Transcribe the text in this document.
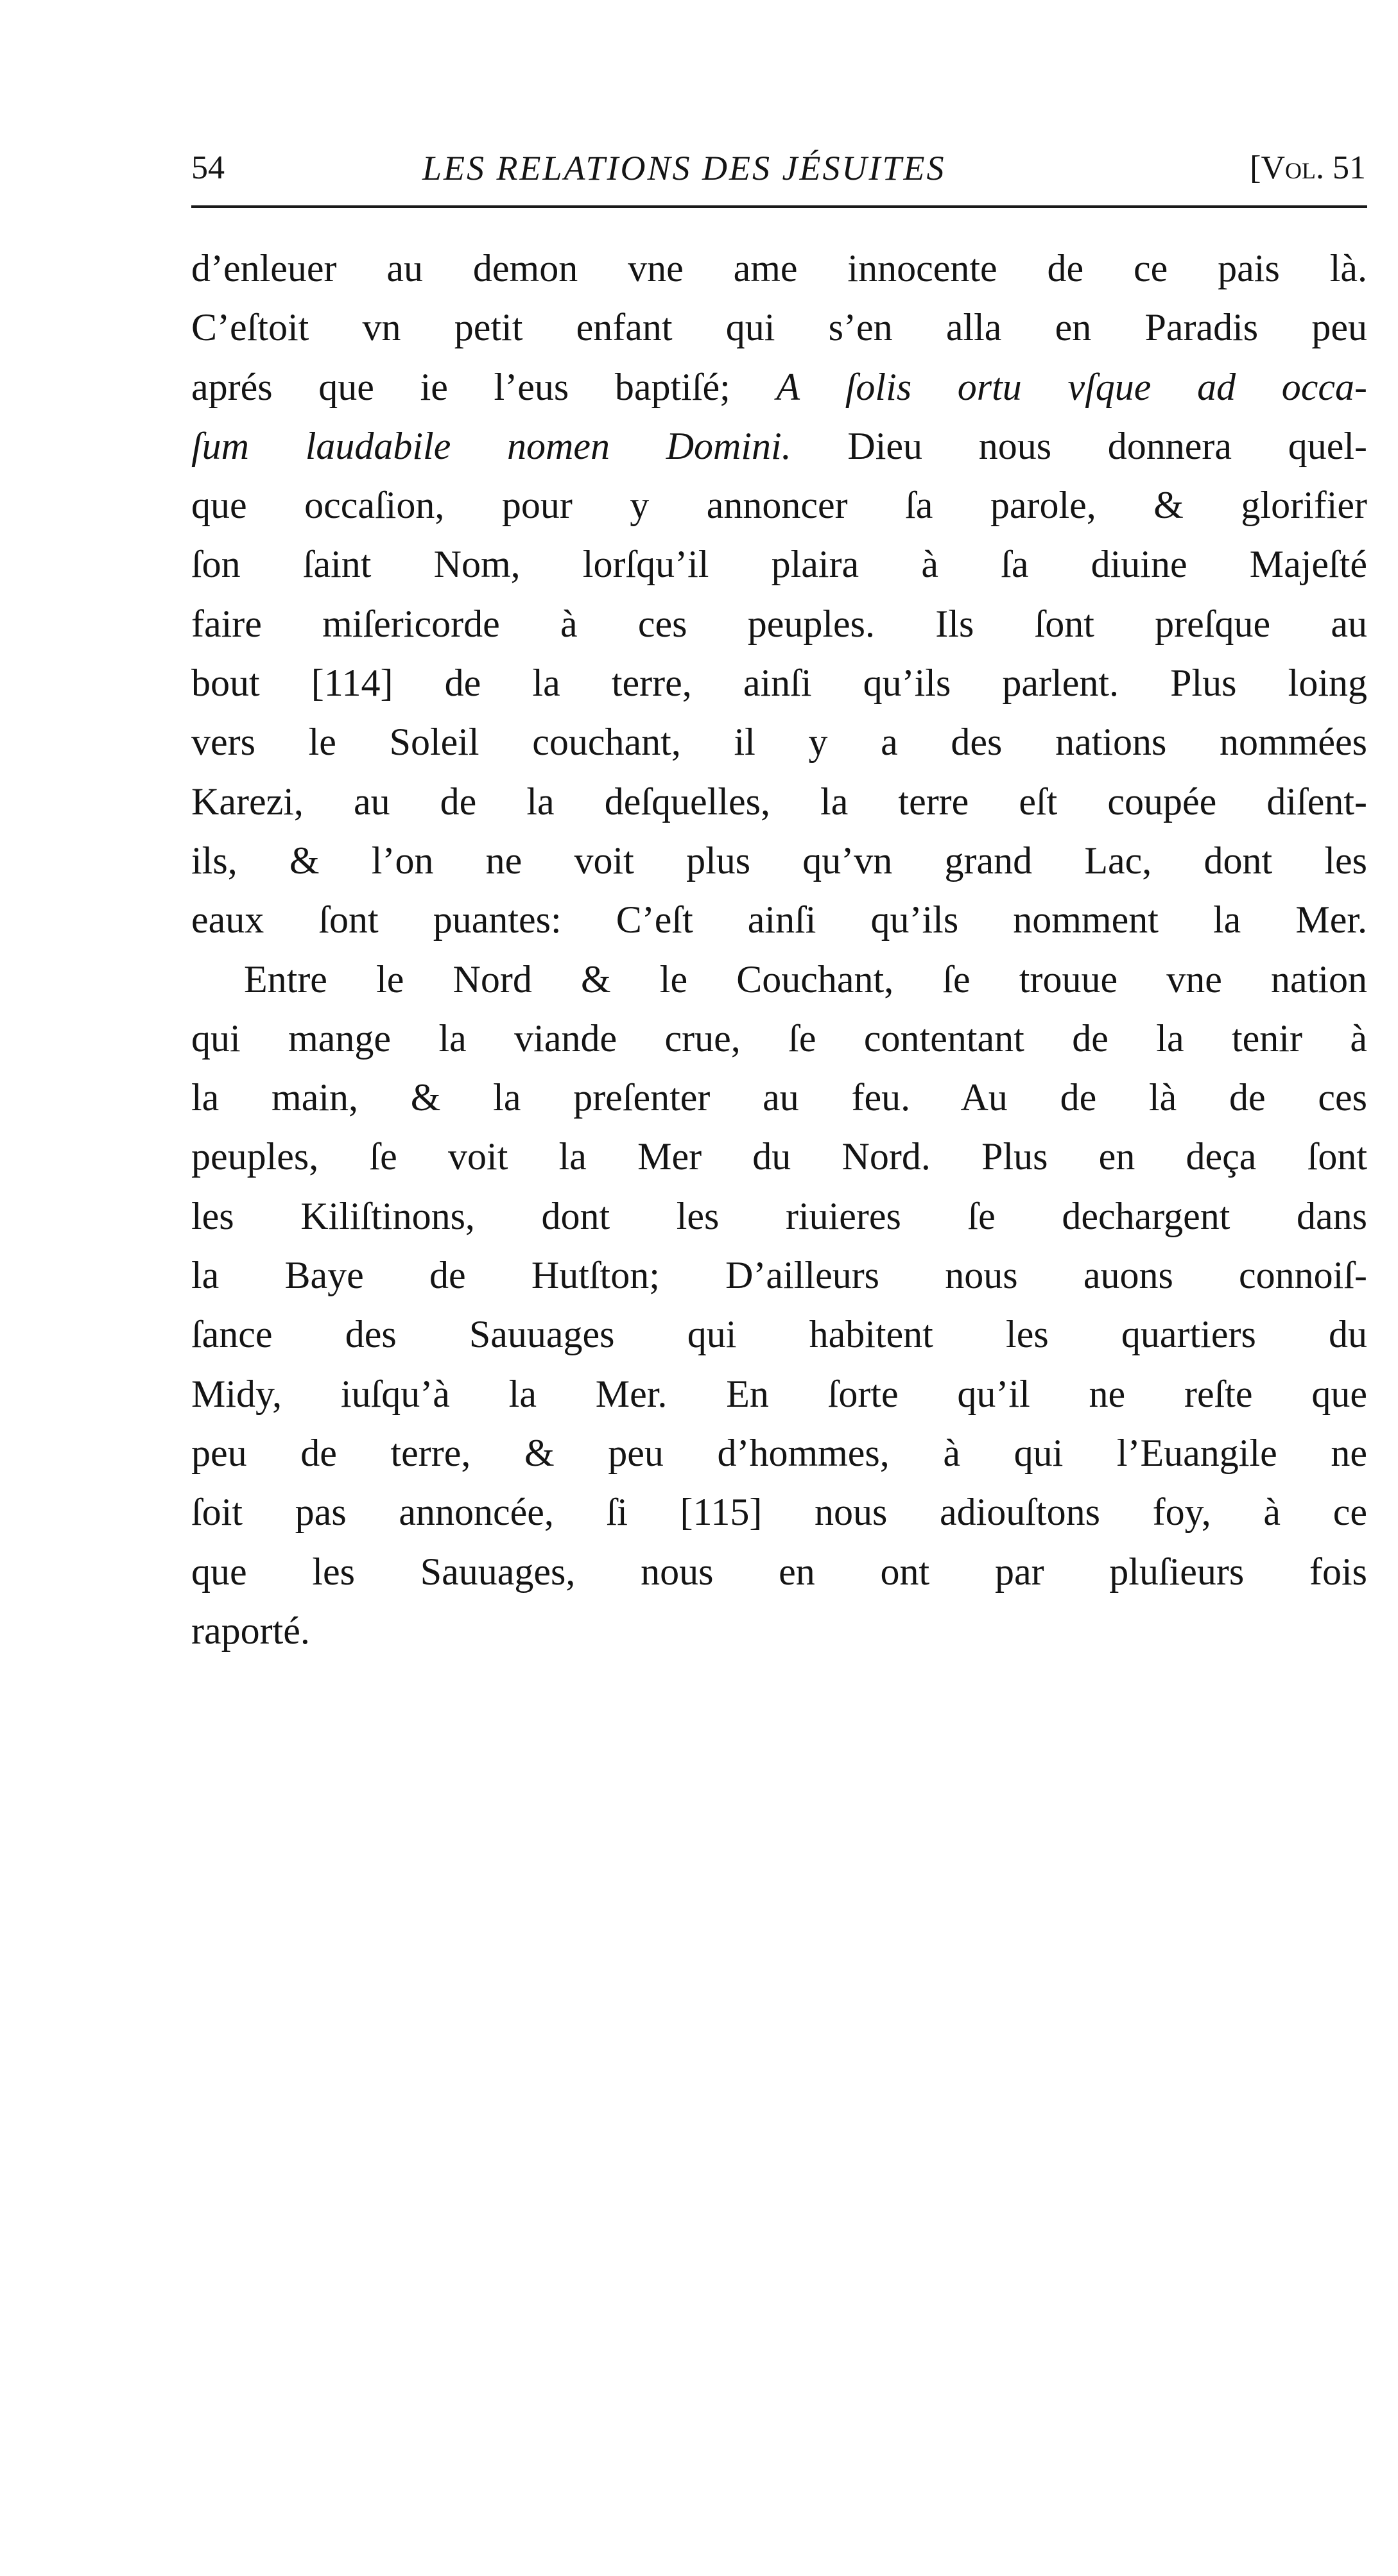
54	LES RELATIONS DES JÉSUITES	[Vol. 51
d’enleuer au demon vne ame innocente de ce pais là.
C’eſtoit vn petit enfant qui s’en alla en Paradis peu
aprés que ie l’eus baptiſé; A ſolis ortu vſque ad occa-
ſum laudabile nomen Domini. Dieu nous donnera quel-
que occaſion, pour y annoncer ſa parole, & glorifier
ſon ſaint Nom, lorſqu’il plaira à ſa diuine Majeſté
faire miſericorde à ces peuples. Ils ſont preſque au
bout [114] de la terre, ainſi qu’ils parlent. Plus loing
vers le Soleil couchant, il y a des nations nommées
Karezi, au de la deſquelles, la terre eſt coupée diſent-
ils, & l’on ne voit plus qu’vn grand Lac, dont les
eaux ſont puantes: C’eſt ainſi qu’ils nomment la Mer.
Entre le Nord & le Couchant, ſe trouue vne nation
qui mange la viande crue, ſe contentant de la tenir à
la main, & la preſenter au feu. Au de là de ces
peuples, ſe voit la Mer du Nord. Plus en deça ſont
les Kiliſtinons, dont les riuieres ſe dechargent dans
la Baye de Hutſton; D’ailleurs nous auons connoiſ-
ſance des Sauuages qui habitent les quartiers du
Midy, iuſqu’à la Mer. En ſorte qu’il ne reſte que
peu de terre, & peu d’hommes, à qui l’Euangile ne
ſoit pas annoncée, ſi [115] nous adiouſtons foy, à ce
que les Sauuages, nous en ont par pluſieurs fois
raporté.
